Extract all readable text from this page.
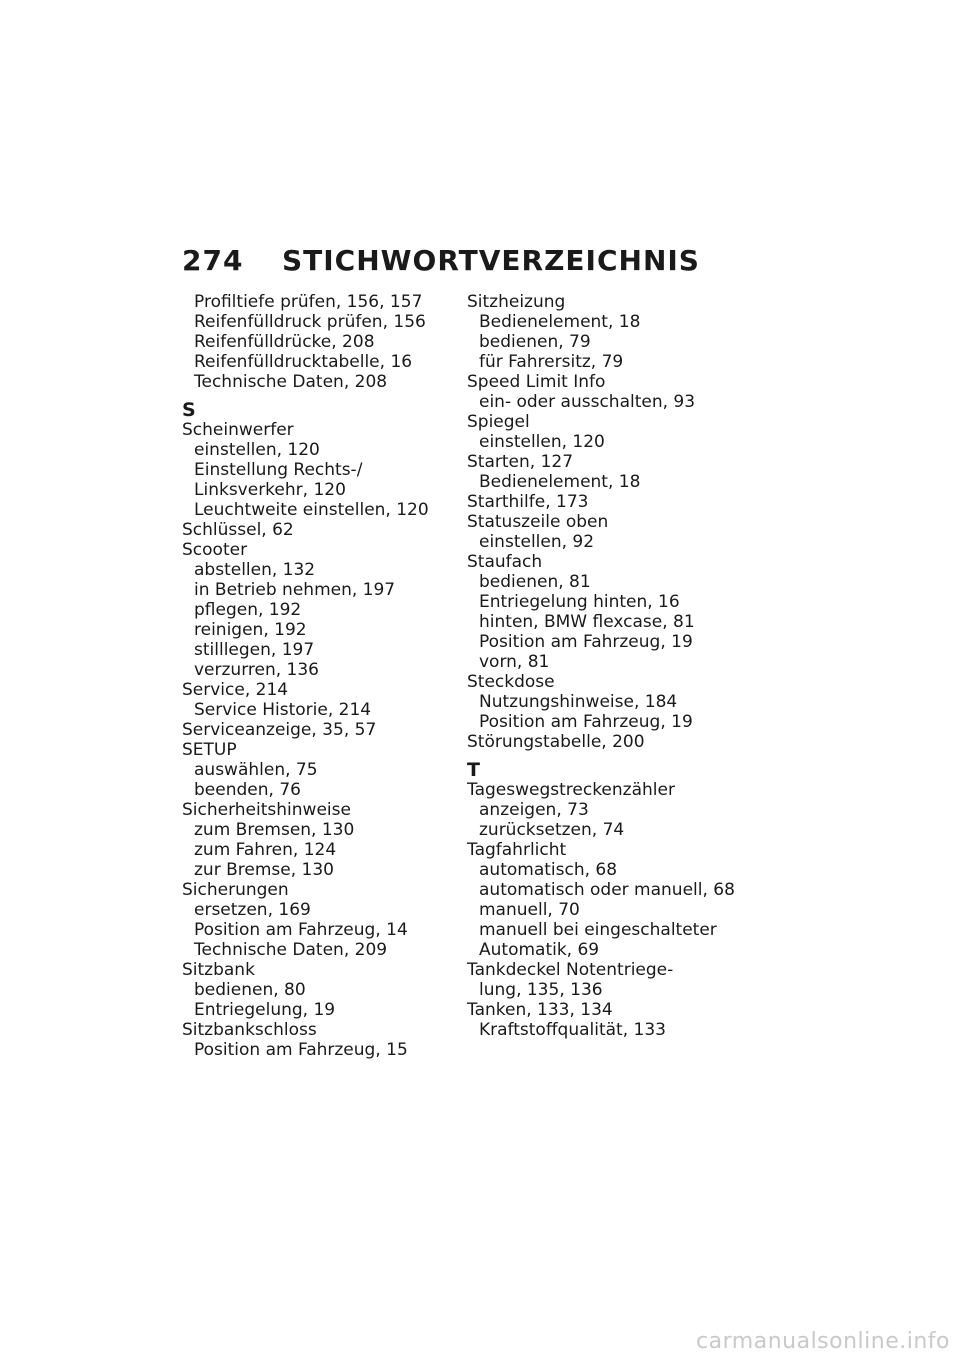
274	STICHWORTVERZEICHNIS
Profiltiefe prüfen, 156, 157
Reifenfülldruck prüfen, 156
Reifenfülldrücke, 208
Reifenfülldrucktabelle, 16
Technische Daten, 208
S
Scheinwerfer
einstellen, 120
Einstellung Rechts-/
Linksverkehr, 120
Leuchtweite einstellen, 120
Schlüssel, 62
Scooter
abstellen, 132
in Betrieb nehmen, 197
pflegen, 192
reinigen, 192
stilllegen, 197
verzurren, 136
Service, 214
Service Historie, 214
Serviceanzeige, 35, 57
SETUP
auswählen, 75
beenden, 76
Sicherheitshinweise
zum Bremsen, 130
zum Fahren, 124
zur Bremse, 130
Sicherungen
ersetzen, 169
Position am Fahrzeug, 14
Technische Daten, 209
Sitzbank
bedienen, 80
Entriegelung, 19
Sitzbankschloss
Position am Fahrzeug, 15
Sitzheizung
Bedienelement, 18
bedienen, 79
für Fahrersitz, 79
Speed Limit Info
ein- oder ausschalten, 93
Spiegel
einstellen, 120
Starten, 127
Bedienelement, 18
Starthilfe, 173
Statuszeile oben
einstellen, 92
Staufach
bedienen, 81
Entriegelung hinten, 16
hinten, BMW flexcase, 81
Position am Fahrzeug, 19
vorn, 81
Steckdose
Nutzungshinweise, 184
Position am Fahrzeug, 19
Störungstabelle, 200
T
Tageswegstreckenzähler
anzeigen, 73
zurücksetzen, 74
Tagfahrlicht
automatisch, 68
automatisch oder manuell, 68
manuell, 70
manuell bei eingeschalteter
Automatik, 69
Tankdeckel Notentriege-
lung, 135, 136
Tanken, 133, 134
Kraftstoffqualität, 133
carmanualsonline.info
